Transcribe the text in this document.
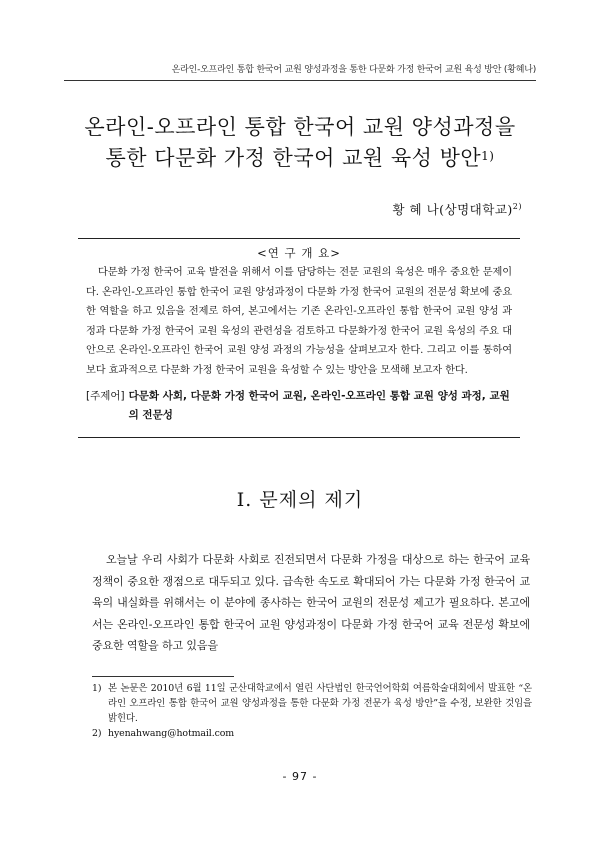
온라인-오프라인 통합 한국어 교원 양성과정을 통한 다문화 가정 한국어 교원 육성 방안 (황혜나)
온라인-오프라인 통합 한국어 교원 양성과정을
통한 다문화 가정 한국어 교원 육성 방안$^{1)}$
황 혜 나(상명대학교)$^{2)}$
<연 구 개 요>
다문화 가정 한국어 교육 발전을 위해서 이를 담당하는 전문 교원의 육성은 매우 중요한 문제이다. 온라인-오프라인 통합 한국어 교원 양성과정이 다문화 가정 한국어 교원의 전문성 확보에 중요한 역할을 하고 있음을 전제로 하여, 본고에서는 기존 온라인-오프라인 통합 한국어 교원 양성 과정과 다문화 가정 한국어 교원 육성의 관련성을 검토하고 다문화가정 한국어 교원 육성의 주요 대안으로 온라인-오프라인 한국어 교원 양성 과정의 가능성을 살펴보고자 한다. 그리고 이를 통하여 보다 효과적으로 다문화 가정 한국어 교원을 육성할 수 있는 방안을 모색해 보고자 한다.
[주제어] 다문화 사회, 다문화 가정 한국어 교원, 온라인-오프라인 통합 교원 양성 과정, 교원의 전문성
I. 문제의 제기
오늘날 우리 사회가 다문화 사회로 진전되면서 다문화 가정을 대상으로 하는 한국어 교육 정책이 중요한 쟁점으로 대두되고 있다. 급속한 속도로 확대되어 가는 다문화 가정 한국어 교육의 내실화를 위해서는 이 분야에 종사하는 한국어 교원의 전문성 제고가 필요하다. 본고에서는 온라인-오프라인 통합 한국어 교원 양성과정이 다문화 가정 한국어 교육 전문성 확보에 중요한 역할을 하고 있음을
1) 본 논문은 2010년 6월 11일 군산대학교에서 열린 사단법인 한국언어학회 여름학술대회에서 발표한 “온라인 오프라인 통합 한국어 교원 양성과정을 통한 다문화 가정 전문가 육성 방안”을 수정, 보완한 것임을 밝힌다.
2) hyenahwang@hotmail.com
- 97 -
